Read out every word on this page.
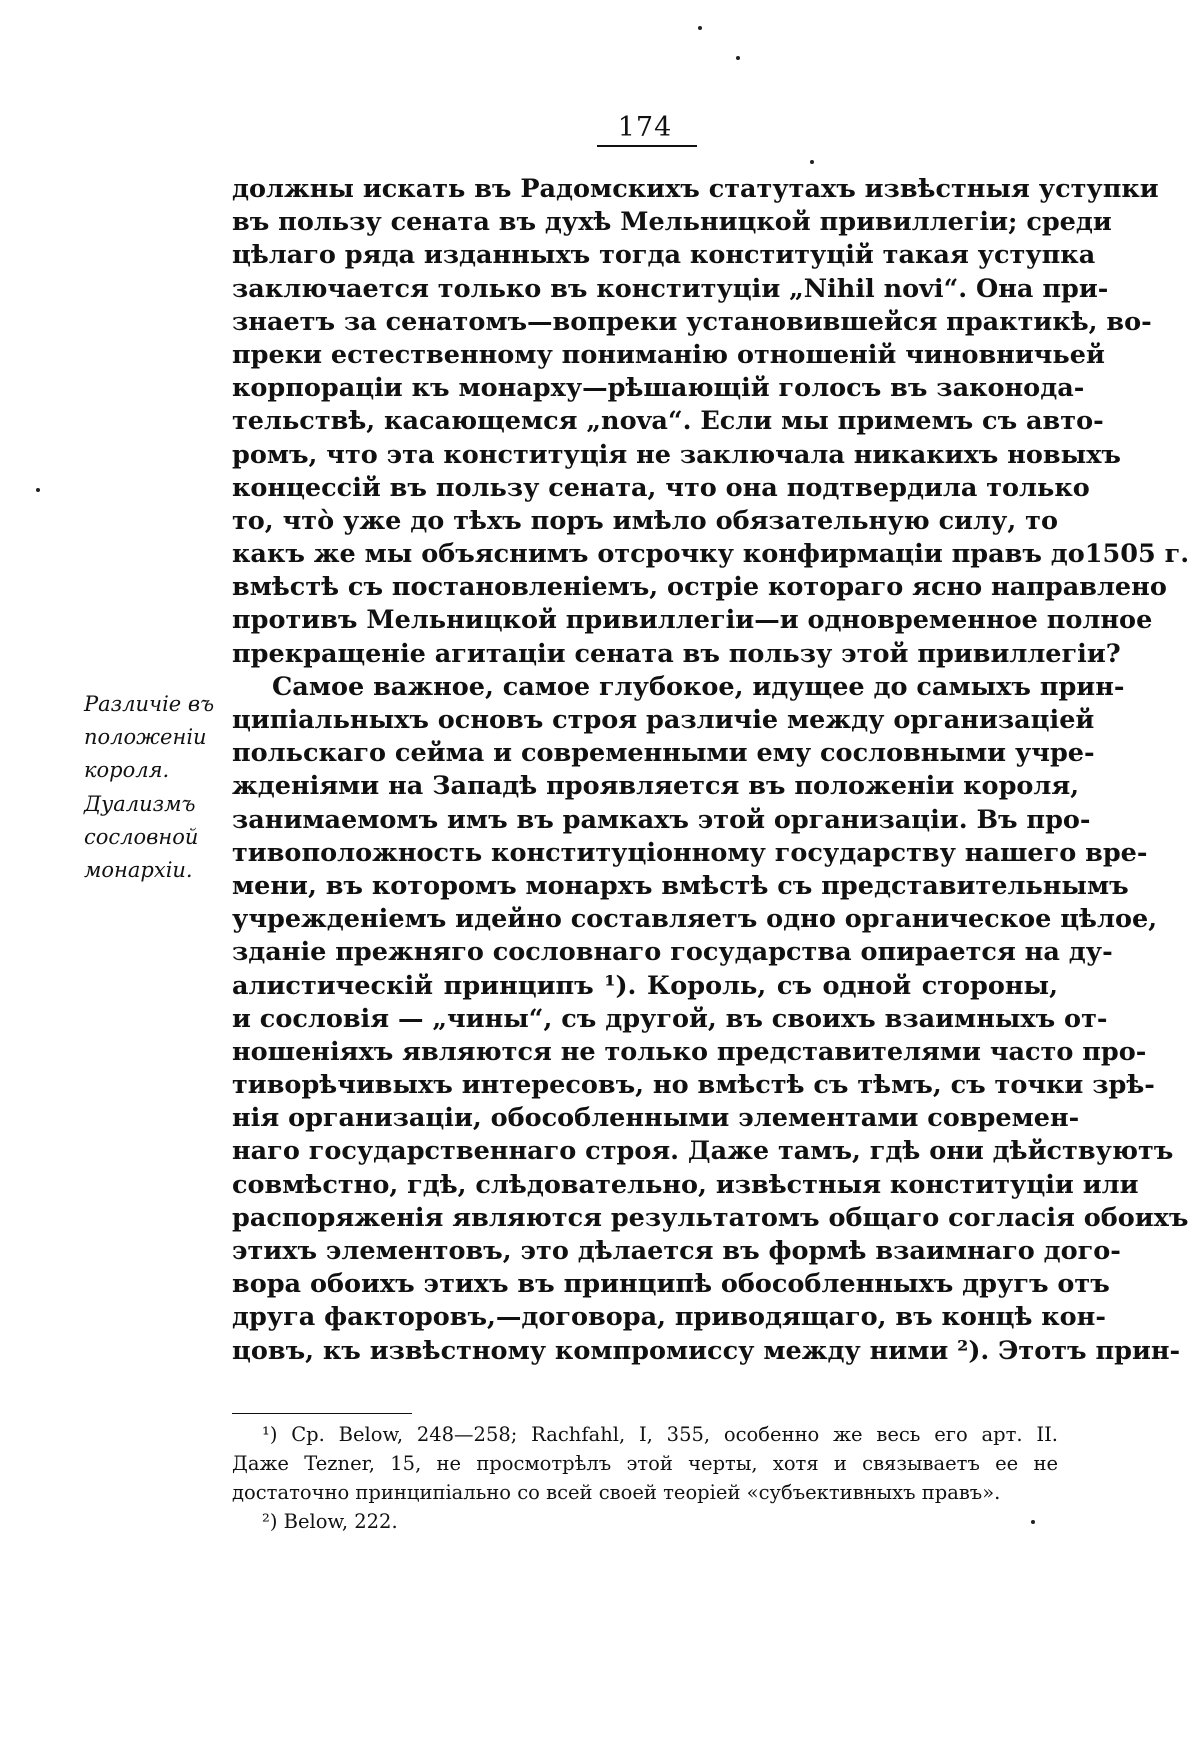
174
Различіе въ
положеніи
короля.
Дуализмъ
сословной
монархіи.
должны искать въ Радомскихъ статутахъ извѣстныя уступки
въ пользу сената въ духѣ Мельницкой привиллегіи; среди
цѣлаго ряда изданныхъ тогда конституцій такая уступка
заключается только въ конституціи „Nihil novi“. Она при-
знаетъ за сенатомъ—вопреки установившейся практикѣ, во-
преки естественному пониманію отношеній чиновничьей
корпораціи къ монарху—рѣшающій голосъ въ законода-
тельствѣ, касающемся „nova“. Если мы примемъ съ авто-
ромъ, что эта конституція не заключала никакихъ новыхъ
концессій въ пользу сената, что она подтвердила только
то, что̀ уже до тѣхъ поръ имѣло обязательную силу, то
какъ же мы объяснимъ отсрочку конфирмаціи правъ до1505 г.
вмѣстѣ съ постановленіемъ, остріе котораго ясно направлено
противъ Мельницкой привиллегіи—и одновременное полное
прекращеніе агитаціи сената въ пользу этой привиллегіи?
Самое важное, самое глубокое, идущее до самыхъ прин-
ципіальныхъ основъ строя различіе между организаціей
польскаго сейма и современными ему сословными учре-
жденіями на Западѣ проявляется въ положеніи короля,
занимаемомъ имъ въ рамкахъ этой организаціи. Въ про-
тивоположность конституціонному государству нашего вре-
мени, въ которомъ монархъ вмѣстѣ съ представительнымъ
учрежденіемъ идейно составляетъ одно органическое цѣлое,
зданіе прежняго сословнаго государства опирается на ду-
алистическій принципъ ¹). Король, съ одной стороны,
и сословія — „чины“, съ другой, въ своихъ взаимныхъ от-
ношеніяхъ являются не только представителями часто про-
тиворѣчивыхъ интересовъ, но вмѣстѣ съ тѣмъ, съ точки зрѣ-
нія организаціи, обособленными элементами современ-
наго государственнаго строя. Даже тамъ, гдѣ они дѣйствуютъ
совмѣстно, гдѣ, слѣдовательно, извѣстныя конституціи или
распоряженія являются результатомъ общаго согласія обоихъ
этихъ элементовъ, это дѣлается въ формѣ взаимнаго дого-
вора обоихъ этихъ въ принципѣ обособленныхъ другъ отъ
друга факторовъ,—договора, приводящаго, въ концѣ кон-
цовъ, къ извѣстному компромиссу между ними ²). Этотъ прин-
¹) Cp. Below, 248—258; Rachfahl, I, 355, особенно же весь его арт. II.
Даже Tezner, 15, не просмотрѣлъ этой черты, хотя и связываетъ ее не
достаточно принципіально со всей своей теоріей «субъективныхъ правъ».
²) Below, 222.
